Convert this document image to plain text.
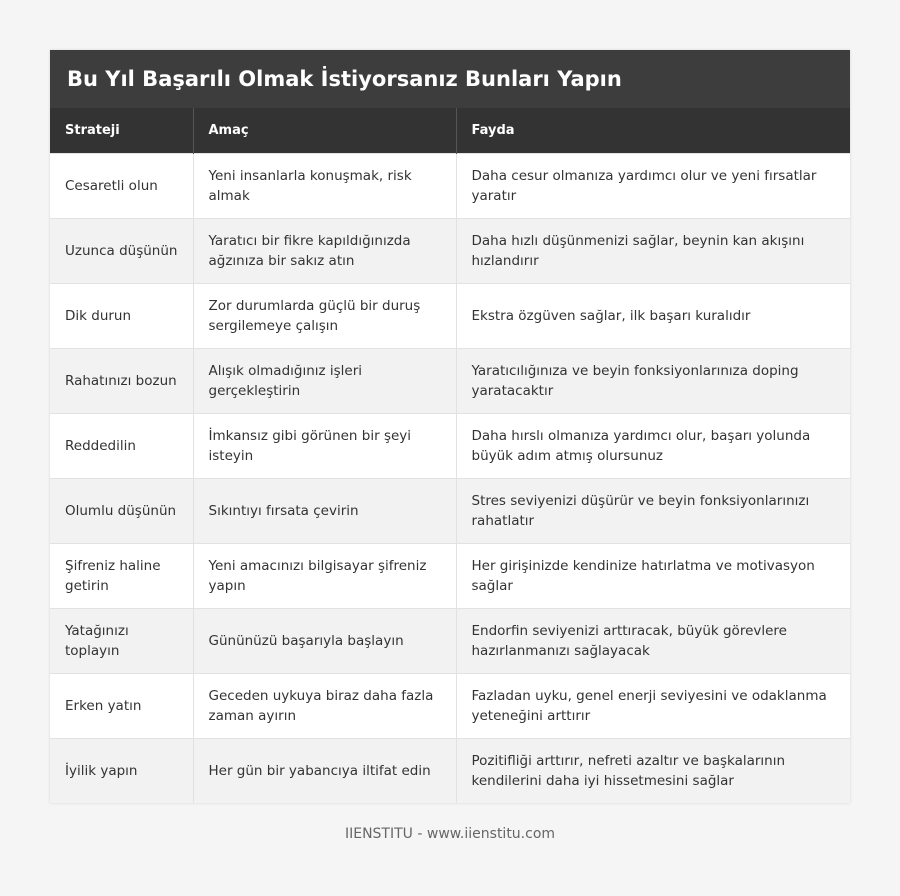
Bu Yıl Başarılı Olmak İstiyorsanız Bunları Yapın
Strateji	Amaç	Fayda
Cesaretli olun	Yeni insanlarla konuşmak, risk almak	Daha cesur olmanıza yardımcı olur ve yeni fırsatlar yaratır
Uzunca düşünün	Yaratıcı bir fikre kapıldığınızda ağzınıza bir sakız atın	Daha hızlı düşünmenizi sağlar, beynin kan akışını hızlandırır
Dik durun	Zor durumlarda güçlü bir duruş sergilemeye çalışın	Ekstra özgüven sağlar, ilk başarı kuralıdır
Rahatınızı bozun	Alışık olmadığınız işleri gerçekleştirin	Yaratıcılığınıza ve beyin fonksiyonlarınıza doping yaratacaktır
Reddedilin	İmkansız gibi görünen bir şeyi isteyin	Daha hırslı olmanıza yardımcı olur, başarı yolunda büyük adım atmış olursunuz
Olumlu düşünün	Sıkıntıyı fırsata çevirin	Stres seviyenizi düşürür ve beyin fonksiyonlarınızı rahatlatır
Şifreniz haline getirin	Yeni amacınızı bilgisayar şifreniz yapın	Her girişinizde kendinize hatırlatma ve motivasyon sağlar
Yatağınızı toplayın	Gününüzü başarıyla başlayın	Endorfin seviyenizi arttıracak, büyük görevlere hazırlanmanızı sağlayacak
Erken yatın	Geceden uykuya biraz daha fazla zaman ayırın	Fazladan uyku, genel enerji seviyesini ve odaklanma yeteneğini arttırır
İyilik yapın	Her gün bir yabancıya iltifat edin	Pozitifliği arttırır, nefreti azaltır ve başkalarının kendilerini daha iyi hissetmesini sağlar
IIENSTITU - www.iienstitu.com
